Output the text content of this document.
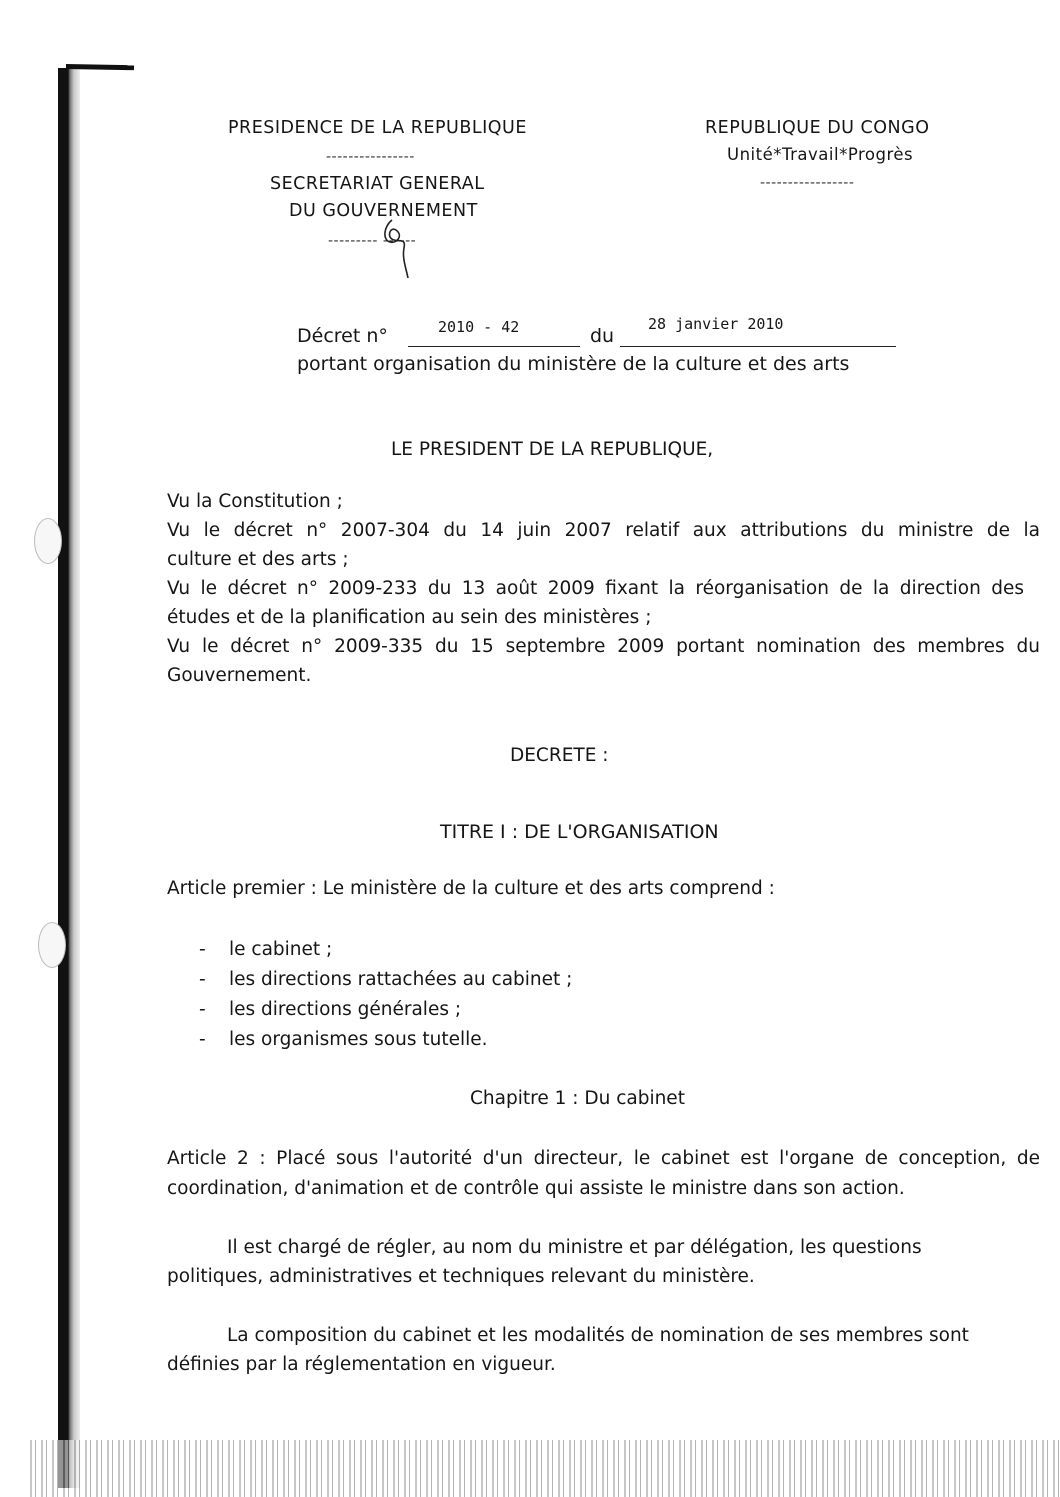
PRESIDENCE DE LA REPUBLIQUE
----------------
SECRETARIAT GENERAL
DU GOUVERNEMENT
--------- ------
REPUBLIQUE DU CONGO
Unité*Travail*Progrès
-----------------
Décret n°	2010 - 42	du
28 janvier 2010
portant organisation du ministère de la culture et des arts
LE PRESIDENT DE LA REPUBLIQUE,
Vu la Constitution ;
Vu le décret n° 2007-304 du 14 juin 2007 relatif aux attributions du ministre de la
culture et des arts ;
Vu le décret n° 2009-233 du 13 août 2009 fixant la réorganisation de la direction des
études et de la planification au sein des ministères ;
Vu le décret n° 2009-335 du 15 septembre 2009 portant nomination des membres du
Gouvernement.
DECRETE :
TITRE I : DE L'ORGANISATION
Article premier : Le ministère de la culture et des arts comprend :
- le cabinet ;
- les directions rattachées au cabinet ;
- les directions générales ;
- les organismes sous tutelle.
Chapitre 1 : Du cabinet
Article 2 : Placé sous l'autorité d'un directeur, le cabinet est l'organe de conception, de
coordination, d'animation et de contrôle qui assiste le ministre dans son action.
Il est chargé de régler, au nom du ministre et par délégation, les questions
politiques, administratives et techniques relevant du ministère.
La composition du cabinet et les modalités de nomination de ses membres sont
définies par la réglementation en vigueur.
